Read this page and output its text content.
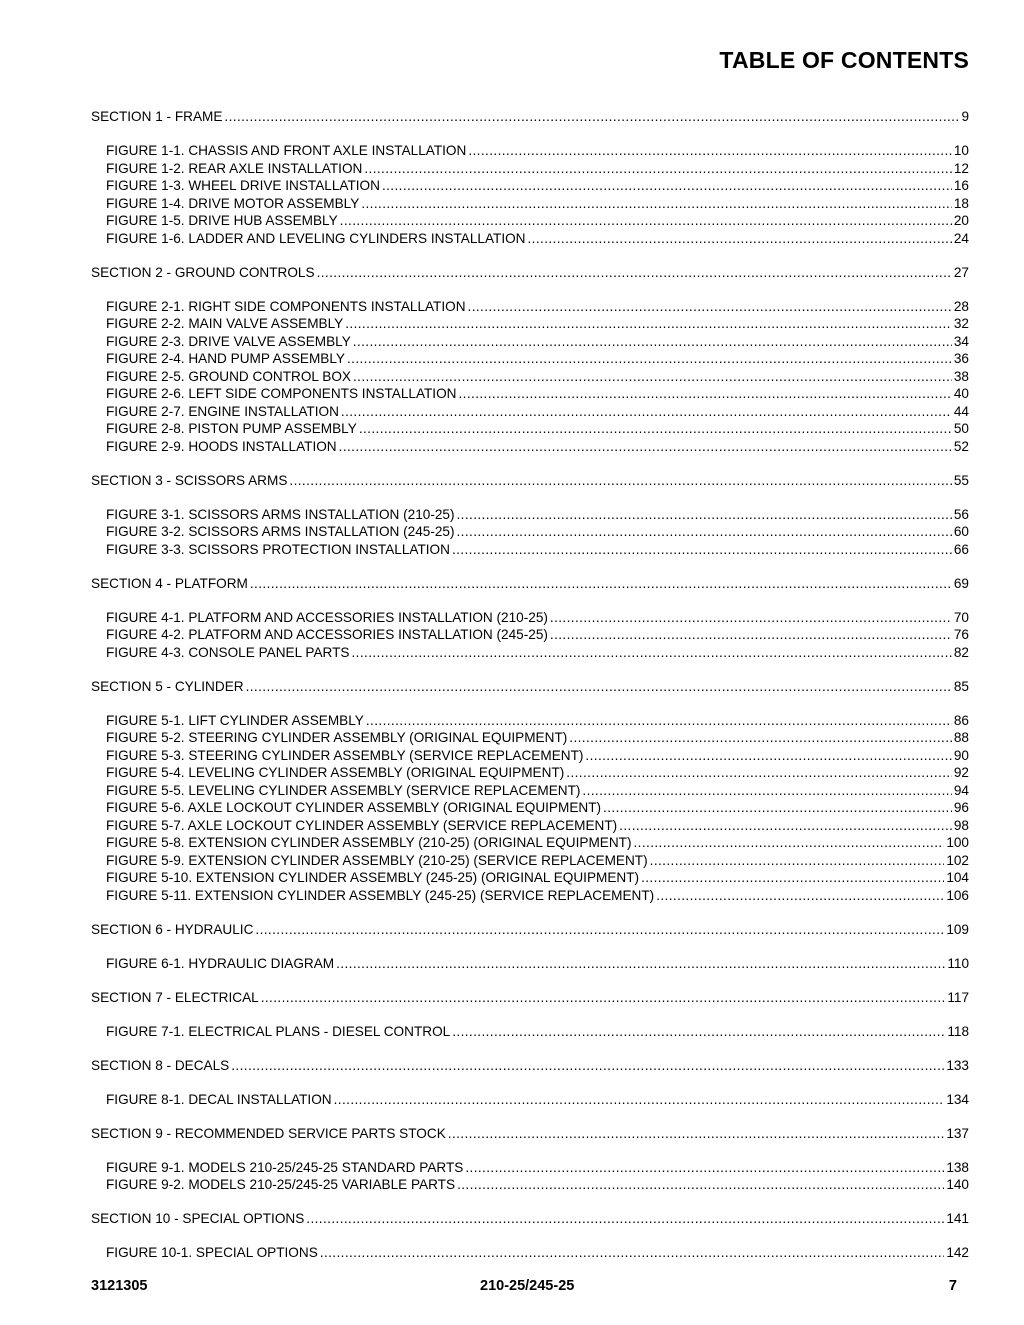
TABLE OF CONTENTS
SECTION 1 - FRAME .....	9
FIGURE 1-1. CHASSIS AND FRONT AXLE INSTALLATION .....	10
FIGURE 1-2. REAR AXLE INSTALLATION .....	12
FIGURE 1-3. WHEEL DRIVE INSTALLATION .....	16
FIGURE 1-4. DRIVE MOTOR ASSEMBLY .....	18
FIGURE 1-5. DRIVE HUB ASSEMBLY .....	20
FIGURE 1-6. LADDER AND LEVELING CYLINDERS INSTALLATION .....	24
SECTION 2 - GROUND CONTROLS .....	27
FIGURE 2-1. RIGHT SIDE COMPONENTS INSTALLATION .....	28
FIGURE 2-2. MAIN VALVE ASSEMBLY .....	32
FIGURE 2-3. DRIVE VALVE ASSEMBLY .....	34
FIGURE 2-4. HAND PUMP ASSEMBLY .....	36
FIGURE 2-5. GROUND CONTROL BOX .....	38
FIGURE 2-6. LEFT SIDE COMPONENTS INSTALLATION .....	40
FIGURE 2-7. ENGINE INSTALLATION .....	44
FIGURE 2-8. PISTON PUMP ASSEMBLY .....	50
FIGURE 2-9. HOODS INSTALLATION .....	52
SECTION 3 - SCISSORS ARMS .....	55
FIGURE 3-1. SCISSORS ARMS INSTALLATION (210-25) .....	56
FIGURE 3-2. SCISSORS ARMS INSTALLATION (245-25) .....	60
FIGURE 3-3. SCISSORS PROTECTION INSTALLATION .....	66
SECTION 4 - PLATFORM .....	69
FIGURE 4-1. PLATFORM AND ACCESSORIES INSTALLATION (210-25) .....	70
FIGURE 4-2. PLATFORM AND ACCESSORIES INSTALLATION (245-25) .....	76
FIGURE 4-3. CONSOLE PANEL PARTS .....	82
SECTION 5 - CYLINDER .....	85
FIGURE 5-1. LIFT CYLINDER ASSEMBLY .....	86
FIGURE 5-2. STEERING CYLINDER ASSEMBLY (ORIGINAL EQUIPMENT) .....	88
FIGURE 5-3. STEERING CYLINDER ASSEMBLY (SERVICE REPLACEMENT) .....	90
FIGURE 5-4. LEVELING CYLINDER ASSEMBLY (ORIGINAL EQUIPMENT) .....	92
FIGURE 5-5. LEVELING CYLINDER ASSEMBLY (SERVICE REPLACEMENT) .....	94
FIGURE 5-6. AXLE LOCKOUT CYLINDER ASSEMBLY (ORIGINAL EQUIPMENT) .....	96
FIGURE 5-7. AXLE LOCKOUT CYLINDER ASSEMBLY (SERVICE REPLACEMENT) .....	98
FIGURE 5-8. EXTENSION CYLINDER ASSEMBLY (210-25) (ORIGINAL EQUIPMENT) .....	100
FIGURE 5-9. EXTENSION CYLINDER ASSEMBLY (210-25) (SERVICE REPLACEMENT) .....	102
FIGURE 5-10. EXTENSION CYLINDER ASSEMBLY (245-25) (ORIGINAL EQUIPMENT) .....	104
FIGURE 5-11. EXTENSION CYLINDER ASSEMBLY (245-25) (SERVICE REPLACEMENT) .....	106
SECTION 6 - HYDRAULIC .....	109
FIGURE 6-1. HYDRAULIC DIAGRAM .....	110
SECTION 7 - ELECTRICAL .....	117
FIGURE 7-1. ELECTRICAL PLANS - DIESEL CONTROL .....	118
SECTION 8 - DECALS .....	133
FIGURE 8-1. DECAL INSTALLATION .....	134
SECTION 9 - RECOMMENDED SERVICE PARTS STOCK .....	137
FIGURE 9-1. MODELS 210-25/245-25 STANDARD PARTS .....	138
FIGURE 9-2. MODELS 210-25/245-25 VARIABLE PARTS .....	140
SECTION 10 - SPECIAL OPTIONS .....	141
FIGURE 10-1. SPECIAL OPTIONS .....	142
3121305	210-25/245-25	7
